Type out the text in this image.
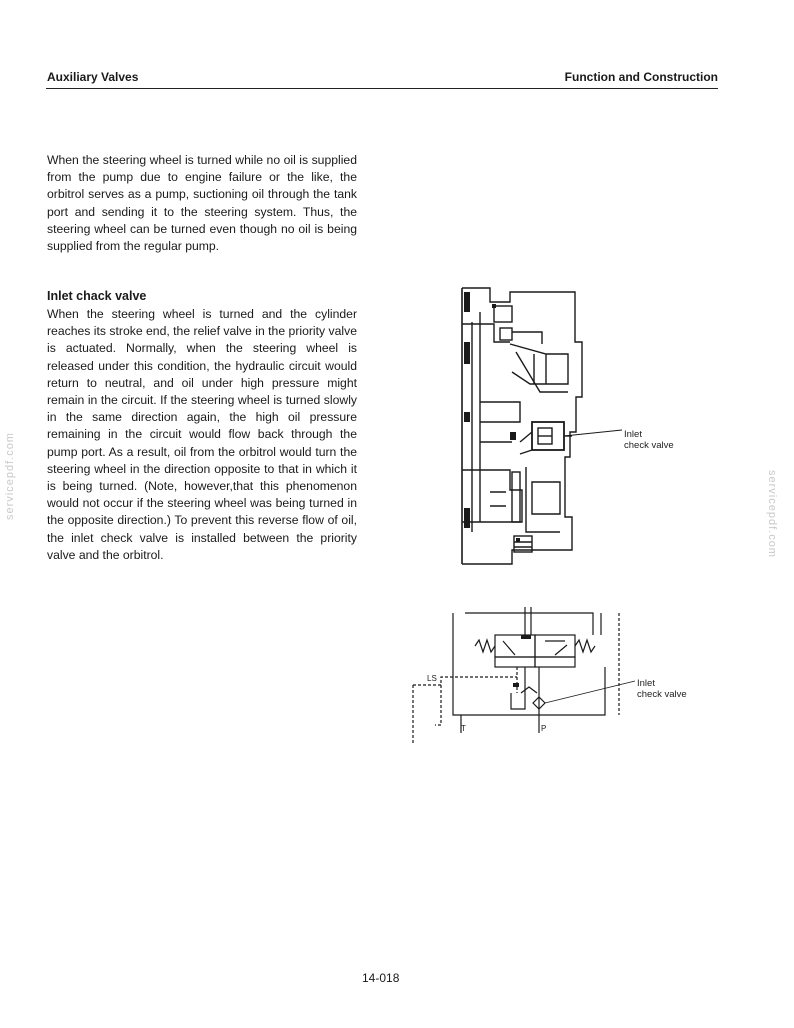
Auxiliary Valves	Function and Construction
When the steering wheel is turned while no oil is supplied from the pump due to engine failure or the like, the orbitrol serves as a pump, suctioning oil through the tank port and sending it to the steering system. Thus, the steering wheel can be turned even though no oil is being supplied from the regular pump.
Inlet chack valve
When the steering wheel is turned and the cylinder reaches its stroke end, the relief valve in the priority valve is actuated. Normally, when the steering wheel is released under this condition, the hydraulic circuit would return to neutral, and oil under high pressure might remain in the circuit. If the steering wheel is turned slowly in the same direction again, the high oil pressure remaining in the circuit would flow back through the pump port. As a result, oil from the orbitrol would turn the steering wheel in the direction opposite to that in which it is being turned. (Note, however,that this phenomenon would not occur if the steering wheel was being turned in the opposite direction.) To prevent this reverse flow of oil, the inlet check valve is installed between the priority valve and the orbitrol.
servicepdf.com	servicepdf.com
Inlet
check valve
LS
T	P
Inlet
check valve
14-018
